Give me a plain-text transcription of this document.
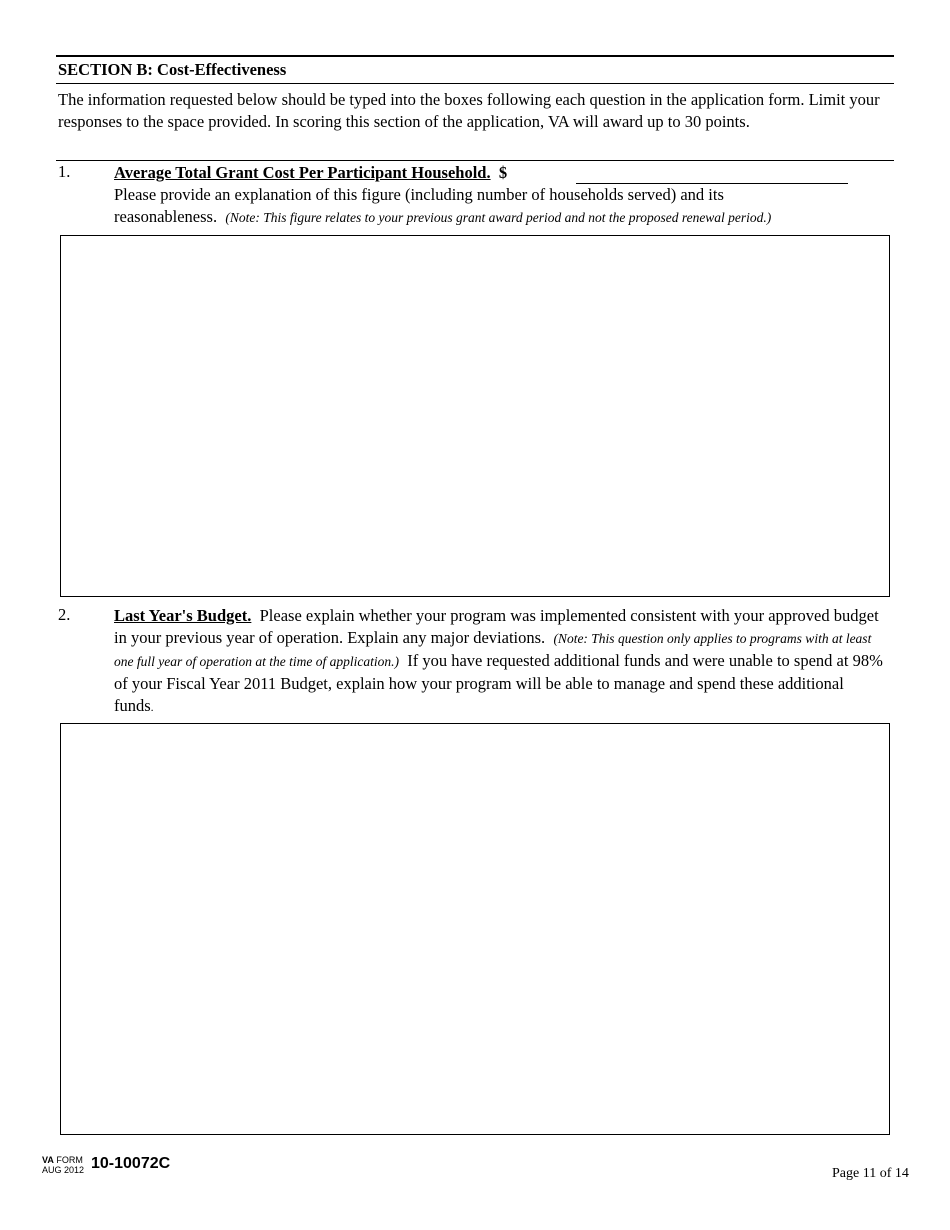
SECTION B: Cost-Effectiveness
The information requested below should be typed into the boxes following each question in the application form. Limit your responses to the space provided. In scoring this section of the application, VA will award up to 30 points.
1.	Average Total Grant Cost Per Participant Household. $
Please provide an explanation of this figure (including number of households served) and its
reasonableness. (Note: This figure relates to your previous grant award period and not the proposed renewal period.)
2.	Last Year's Budget. Please explain whether your program was implemented consistent with your approved budget in your previous year of operation. Explain any major deviations. (Note: This question only applies to programs with at least one full year of operation at the time of application.) If you have requested additional funds and were unable to spend at 98% of your Fiscal Year 2011 Budget, explain how your program will be able to manage and spend these additional funds.
VA FORM
AUG 2012 10-10072C
Page 11 of 14
